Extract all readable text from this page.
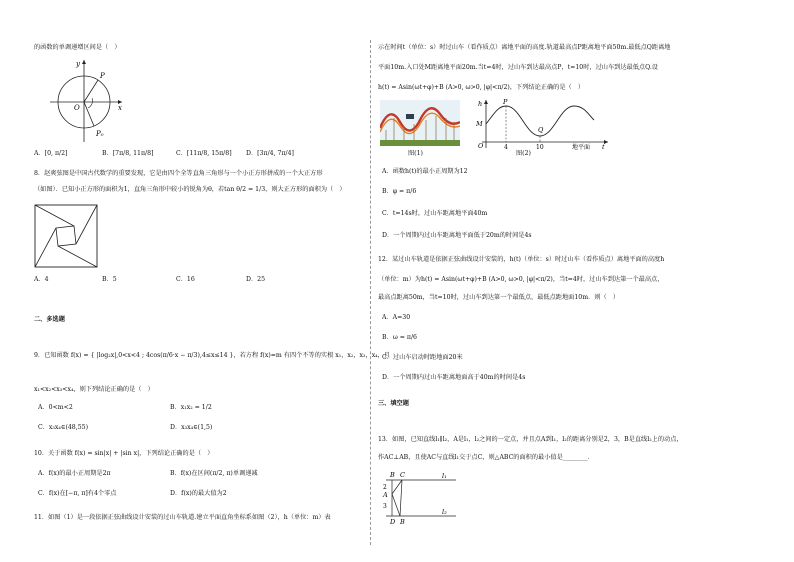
的函数的单调递增区间是（　）
y
P
O	x
P₀
A．[0, π/2]	B．[7π/8, 11π/8]	C．[11π/8, 15π/8] D．[3π/4, 7π/4]
8．赵爽弦图是中国古代数学的重要发现，它是由四个全等直角三角形与一个小正方形拼成的一个大正方形
（如图）．已知小正方形的面积为1，直角三角形中较小的锐角为θ，若tan θ/2 = 1/3，则大正方形的面积为（　）
A．4	B．5	C．16	D．25
二、多选题
9．已知函数 f(x) = { |log₂x|,0<x<4 ; 4cos(π/6·x − π/3),4≤x≤14 }，若方程 f(x)=m 有四个不等的实根 x₁，x₂，x₃，x₄，且
x₁<x₂<x₃<x₄，则下列结论正确的是（　）
A．0<m<2	B．x₁x₂ = 1/2
C．x₃x₄∈(48,55)	D．x₃x₄∈(1,5)
10．关于函数 f(x) = sin|x| + |sin x|，下列结论正确的是（　）
A．f(x)的最小正周期是2π	B．f(x)在区间(π/2, π)单调递减
C．f(x)在[−π, π]有4个零点	D．f(x)的最大值为2
11．如图（1）是一段依据正弦曲线设计安装的过山车轨道.建立平面直角坐标系如图（2），h（单位：m）表
示在时间t（单位：s）时过山车（看作质点）离地平面的高度.轨道最高点P距离地平面50m.最低点Q距离地
平面10m.入口处M距离地平面20m.当t=4时，过山车到达最高点P，t=10时，过山车到达最低点Q.设
h(t) = Asin(ωt+φ)+B (A>0, ω>0, |φ|<π/2)，下列结论正确的是（　）
图(1)
h	P
M
Q
O	4	10	地平面 t
图(2)
A．函数h(t)的最小正周期为12
B．φ = π/6
C．t=14s时，过山车距离地平面40m
D．一个周期内过山车距离地平面低于20m的时间是4s
12．某过山车轨道是依据正弦曲线设计安装的，h(t)（单位：s）时过山车（看作质点）离地平面的高度h
（单位：m）为h(t) = Asin(ωt+φ)+B (A>0, ω>0, |φ|<π/2)，当t=4时，过山车到达第一个最高点，
最高点距离50m，当t=10时，过山车到达第一个最低点，最低点距地面10m．则（　）
A．A=30
B．ω = π/6
C．过山车启动时距地面20米
D．一个周期内过山车距离地面高于40m的时间是4s
三、填空题
13．如图，已知直线l₁∥l₂，A是l₁，l₂之间的一定点，并且点A到l₁，l₂的距离分别是2，3，B是直线l₂上的动点，
作AC⊥AB，且使AC与直线l₁交于点C，则△ABC的面积的最小值是________．
B C	l₁
2
A
3
D B
l₂
